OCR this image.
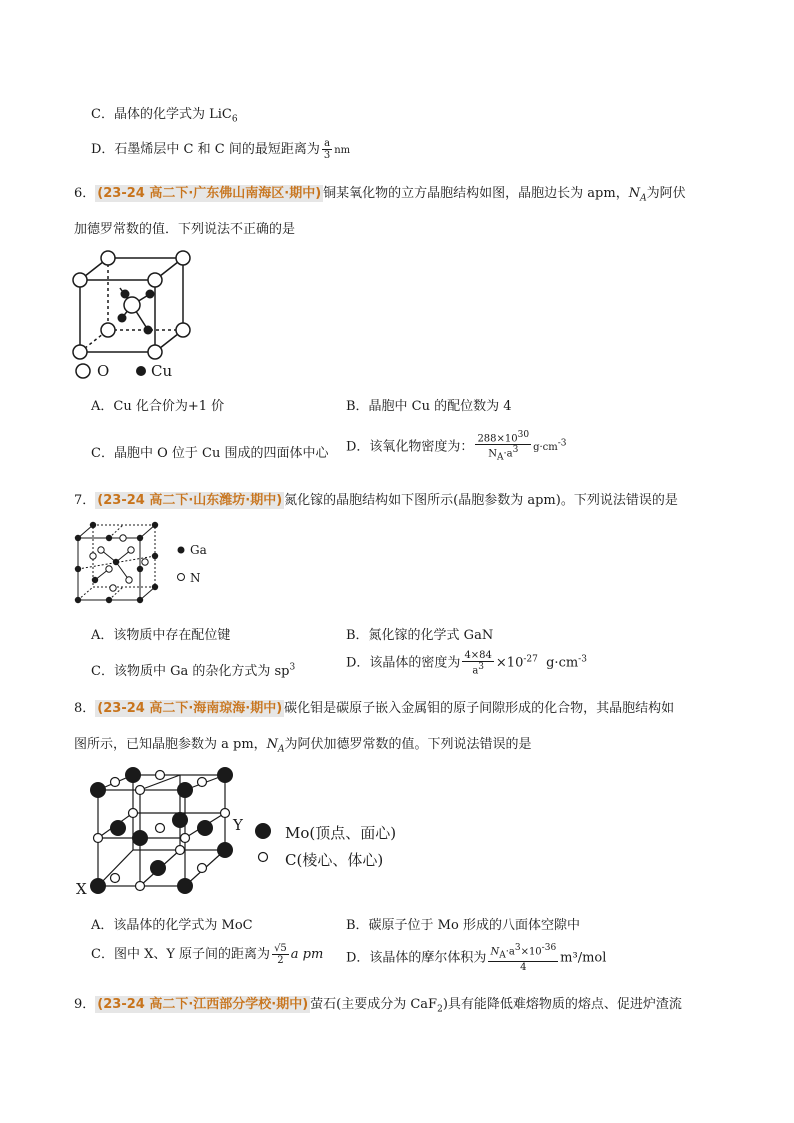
C．晶体的化学式为 LiC$_6$
D．石墨烯层中 C 和 C 间的最短距离为 $\frac{a}{3}$ nm
6． (23-24 高二下·广东佛山南海区·期中) 铜某氧化物的立方晶胞结构如图，晶胞边长为 apm，$N_A$为阿伏
加德罗常数的值．下列说法不正确的是
O	Cu
A．Cu 化合价为+1 价	B．晶胞中 Cu 的配位数为 4
C．晶胞中 O 位于 Cu 围成的四面体中心 D．该氧化物密度为： $\frac{288\times 10^{30}}{N_A\cdot a^3} g\cdot cm^{-3}$
7． (23-24 高二下·山东潍坊·期中) 氮化镓的晶胞结构如下图所示(晶胞参数为 apm)。下列说法错误的是
Ga
N
A．该物质中存在配位键	B．氮化镓的化学式 GaN
C．该物质中 Ga 的杂化方式为 $sp^3$	D．该晶体的密度为 $\frac{4\times 84}{a^3} \times 10^{-27}$ $g\cdot cm^{-3}$
8． (23-24 高二下·海南琼海·期中) 碳化钼是碳原子嵌入金属钼的原子间隙形成的化合物，其晶胞结构如
图所示，已知晶胞参数为 a pm，$N_A$为阿伏加德罗常数的值。下列说法错误的是
X
Y	Mo(顶点、面心)
C(棱心、体心)
A．该晶体的化学式为 MoC	B．碳原子位于 Mo 形成的八面体空隙中
C．图中 X、Y 原子间的距离为 $\frac{√5}{2}$ a pm D．该晶体的摩尔体积为 $\frac{N_A\cdot a^3\times 10^{-36}}{4} m^3/mol$
9． (23-24 高二下·江西部分学校·期中) 萤石(主要成分为 CaF$_2$)具有能降低难熔物质的熔点、促进炉渣流
